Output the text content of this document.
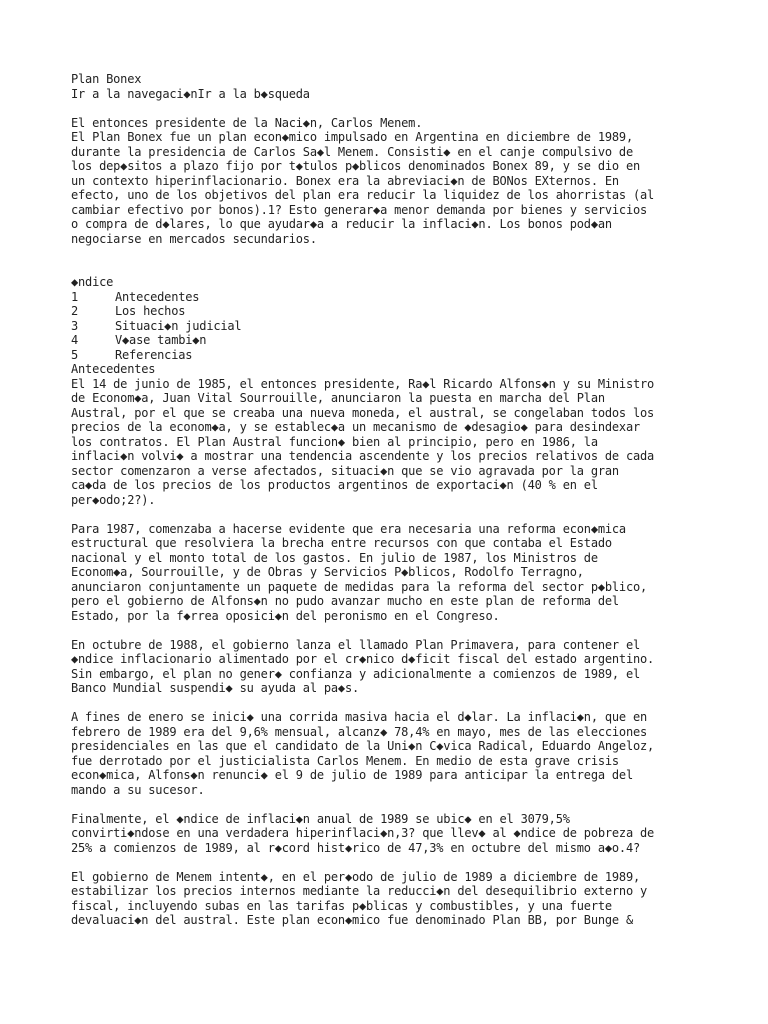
Plan Bonex
Ir a la navegaci◆nIr a la b◆squeda
El entonces presidente de la Naci◆n, Carlos Menem.
El Plan Bonex fue un plan econ◆mico impulsado en Argentina en diciembre de 1989,
durante la presidencia de Carlos Sa◆l Menem. Consisti◆ en el canje compulsivo de
los dep◆sitos a plazo fijo por t◆tulos p◆blicos denominados Bonex 89, y se dio en
un contexto hiperinflacionario. Bonex era la abreviaci◆n de BONos EXternos. En
efecto, uno de los objetivos del plan era reducir la liquidez de los ahorristas (al
cambiar efectivo por bonos).1? Esto generar◆a menor demanda por bienes y servicios
o compra de d◆lares, lo que ayudar◆a a reducir la inflaci◆n. Los bonos pod◆an
negociarse en mercados secundarios.
◆ndice
1	Antecedentes
2	Los hechos
3	Situaci◆n judicial
4	V◆ase tambi◆n
5	Referencias
Antecedentes
El 14 de junio de 1985, el entonces presidente, Ra◆l Ricardo Alfons◆n y su Ministro
de Econom◆a, Juan Vital Sourrouille, anunciaron la puesta en marcha del Plan
Austral, por el que se creaba una nueva moneda, el austral, se congelaban todos los
precios de la econom◆a, y se establec◆a un mecanismo de ◆desagio◆ para desindexar
los contratos. El Plan Austral funcion◆ bien al principio, pero en 1986, la
inflaci◆n volvi◆ a mostrar una tendencia ascendente y los precios relativos de cada
sector comenzaron a verse afectados, situaci◆n que se vio agravada por la gran
ca◆da de los precios de los productos argentinos de exportaci◆n (40 % en el
per◆odo;2?).
Para 1987, comenzaba a hacerse evidente que era necesaria una reforma econ◆mica
estructural que resolviera la brecha entre recursos con que contaba el Estado
nacional y el monto total de los gastos. En julio de 1987, los Ministros de
Econom◆a, Sourrouille, y de Obras y Servicios P◆blicos, Rodolfo Terragno,
anunciaron conjuntamente un paquete de medidas para la reforma del sector p◆blico,
pero el gobierno de Alfons◆n no pudo avanzar mucho en este plan de reforma del
Estado, por la f◆rrea oposici◆n del peronismo en el Congreso.
En octubre de 1988, el gobierno lanza el llamado Plan Primavera, para contener el
◆ndice inflacionario alimentado por el cr◆nico d◆ficit fiscal del estado argentino.
Sin embargo, el plan no gener◆ confianza y adicionalmente a comienzos de 1989, el
Banco Mundial suspendi◆ su ayuda al pa◆s.
A fines de enero se inici◆ una corrida masiva hacia el d◆lar. La inflaci◆n, que en
febrero de 1989 era del 9,6% mensual, alcanz◆ 78,4% en mayo, mes de las elecciones
presidenciales en las que el candidato de la Uni◆n C◆vica Radical, Eduardo Angeloz,
fue derrotado por el justicialista Carlos Menem. En medio de esta grave crisis
econ◆mica, Alfons◆n renunci◆ el 9 de julio de 1989 para anticipar la entrega del
mando a su sucesor.
Finalmente, el ◆ndice de inflaci◆n anual de 1989 se ubic◆ en el 3079,5%
convirti◆ndose en una verdadera hiperinflaci◆n,3? que llev◆ al ◆ndice de pobreza de
25% a comienzos de 1989, al r◆cord hist◆rico de 47,3% en octubre del mismo a◆o.4?
El gobierno de Menem intent◆, en el per◆odo de julio de 1989 a diciembre de 1989,
estabilizar los precios internos mediante la reducci◆n del desequilibrio externo y
fiscal, incluyendo subas en las tarifas p◆blicas y combustibles, y una fuerte
devaluaci◆n del austral. Este plan econ◆mico fue denominado Plan BB, por Bunge &
